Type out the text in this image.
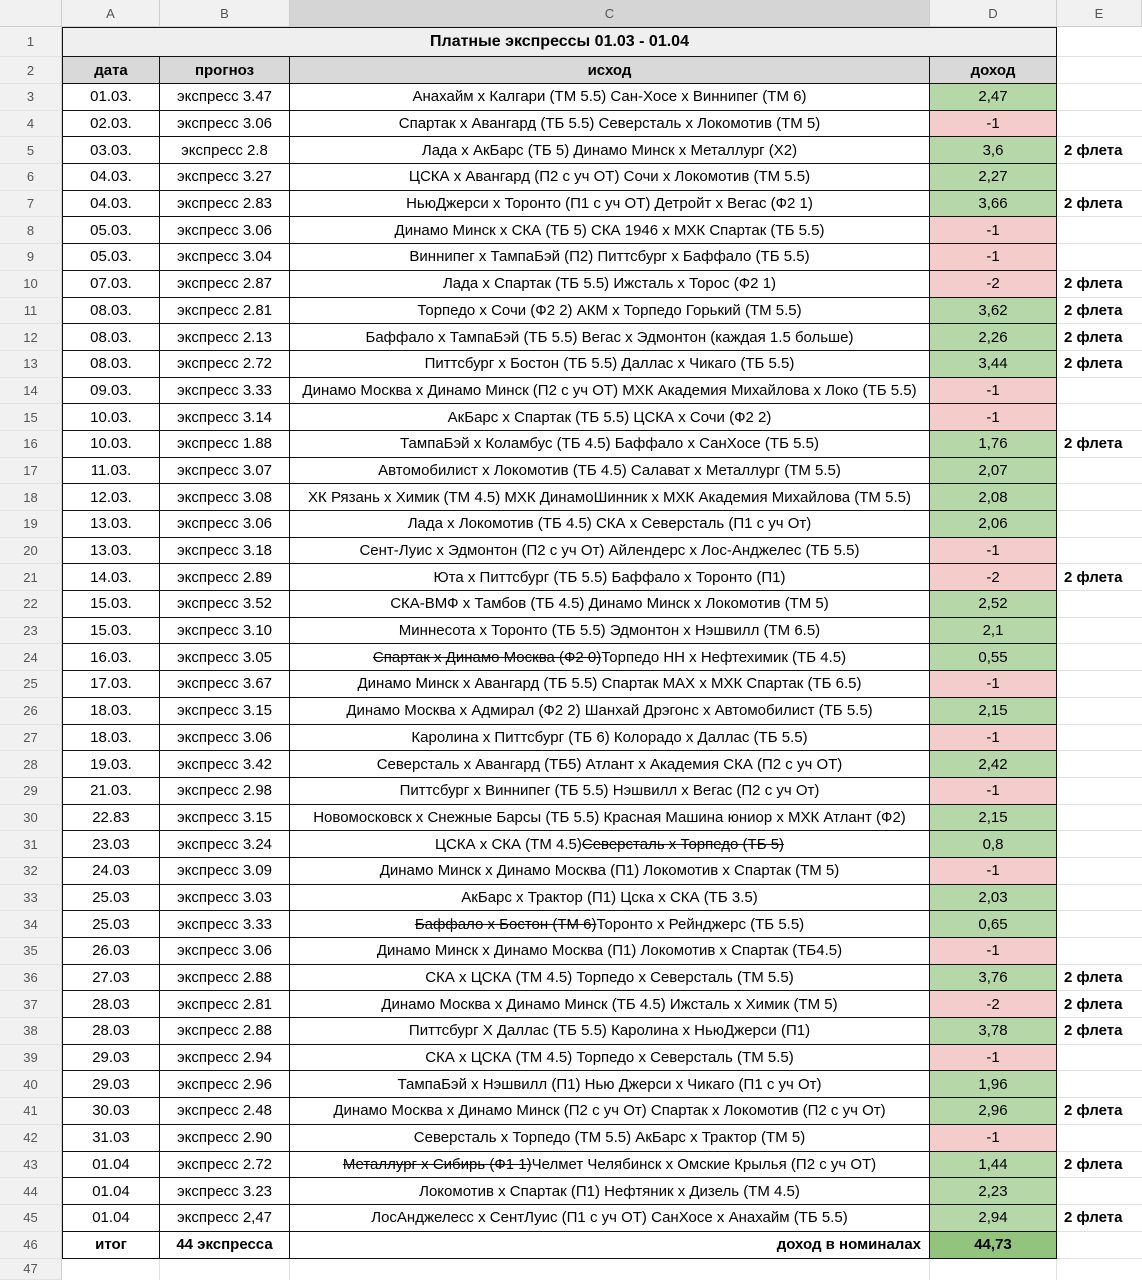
A	B	C	D	E
1	Платные экспрессы 01.03 - 01.04
2	дата	прогноз	исход	доход
3	01.03.	экспресс 3.47	Анахайм х Калгари (ТМ 5.5) Сан-Хосе х Виннипег (ТМ 6)	2,47
4	02.03.	экспресс 3.06	Спартак х Авангард (ТБ 5.5) Северсталь х Локомотив (ТМ 5)	-1
5	03.03.	экспресс 2.8	Лада х АкБарс (ТБ 5) Динамо Минск х Металлург (Х2)	3,6	2 флета
6	04.03.	экспресс 3.27	ЦСКА х Авангард (П2 с уч ОТ) Сочи х Локомотив (ТМ 5.5)	2,27
7	04.03.	экспресс 2.83	НьюДжерси х Торонто (П1 с уч ОТ) Детройт х Вегас (Ф2 1)	3,66	2 флета
8	05.03.	экспресс 3.06	Динамо Минск х СКА (ТБ 5) СКА 1946 х МХК Спартак (ТБ 5.5)	-1
9	05.03.	экспресс 3.04	Виннипег х ТампаБэй (П2) Питтсбург х Баффало (ТБ 5.5)	-1
10	07.03.	экспресс 2.87	Лада х Спартак (ТБ 5.5) Ижсталь х Торос (Ф2 1)	-2	2 флета
11	08.03.	экспресс 2.81	Торпедо х Сочи (Ф2 2) АКМ х Торпедо Горький (ТМ 5.5)	3,62	2 флета
12	08.03.	экспресс 2.13	Баффало х ТампаБэй (ТБ 5.5) Вегас х Эдмонтон (каждая 1.5 больше)	2,26	2 флета
13	08.03.	экспресс 2.72	Питтсбург х Бостон (ТБ 5.5) Даллас х Чикаго (ТБ 5.5)	3,44	2 флета
14	09.03.	экспресс 3.33	Динамо Москва х Динамо Минск (П2 с уч ОТ) МХК Академия Михайлова х Локо (ТБ 5.5)	-1
15	10.03.	экспресс 3.14	АкБарс х Спартак (ТБ 5.5) ЦСКА х Сочи (Ф2 2)	-1
16	10.03.	экспресс 1.88	ТампаБэй х Коламбус (ТБ 4.5) Баффало х СанХосе (ТБ 5.5)	1,76	2 флета
17	11.03.	экспресс 3.07	Автомобилист х Локомотив (ТБ 4.5) Салават х Металлург (ТМ 5.5)	2,07
18	12.03.	экспресс 3.08	ХК Рязань х Химик (ТМ 4.5) МХК ДинамоШинник х МХК Академия Михайлова (ТМ 5.5)	2,08
19	13.03.	экспресс 3.06	Лада х Локомотив (ТБ 4.5) СКА х Северсталь (П1 с уч От)	2,06
20	13.03.	экспресс 3.18	Сент-Луис х Эдмонтон (П2 с уч От) Айлендерс х Лос-Анджелес (ТБ 5.5)	-1
21	14.03.	экспресс 2.89	Юта х Питтсбург (ТБ 5.5) Баффало х Торонто (П1)	-2	2 флета
22	15.03.	экспресс 3.52	СКА-ВМФ х Тамбов (ТБ 4.5) Динамо Минск х Локомотив (ТМ 5)	2,52
23	15.03.	экспресс 3.10	Миннесота х Торонто (ТБ 5.5) Эдмонтон х Нэшвилл (ТМ 6.5)	2,1
24	16.03.	экспресс 3.05	Спартак х Динамо Москва (Ф2 0) Торпедо НН х Нефтехимик (ТБ 4.5)	0,55
25	17.03.	экспресс 3.67	Динамо Минск х Авангард (ТБ 5.5) Спартак МАХ х МХК Спартак (ТБ 6.5)	-1
26	18.03.	экспресс 3.15	Динамо Москва х Адмирал (Ф2 2) Шанхай Дрэгонс х Автомобилист (ТБ 5.5)	2,15
27	18.03.	экспресс 3.06	Каролина х Питтсбург (ТБ 6) Колорадо х Даллас (ТБ 5.5)	-1
28	19.03.	экспресс 3.42	Северсталь х Авангард (ТБ5) Атлант х Академия СКА (П2 с уч ОТ)	2,42
29	21.03.	экспресс 2.98	Питтсбург х Виннипег (ТБ 5.5) Нэшвилл х Вегас (П2 с уч От)	-1
30	22.83	экспресс 3.15	Новомосковск х Снежные Барсы (ТБ 5.5) Красная Машина юниор х МХК Атлант (Ф2)	2,15
31	23.03	экспресс 3.24	ЦСКА х СКА (ТМ 4.5) Северсталь х Торпедо (ТБ 5)	0,8
32	24.03	экспресс 3.09	Динамо Минск х Динамо Москва (П1) Локомотив х Спартак (ТМ 5)	-1
33	25.03	экспресс 3.03	АкБарс х Трактор (П1) Цска х СКА (ТБ 3.5)	2,03
34	25.03	экспресс 3.33	Баффало х Бостон (ТМ 6) Торонто х Рейнджерс (ТБ 5.5)	0,65
35	26.03	экспресс 3.06	Динамо Минск х Динамо Москва (П1) Локомотив х Спартак (ТБ4.5)	-1
36	27.03	экспресс 2.88	СКА х ЦСКА (ТМ 4.5) Торпедо х Северсталь (ТМ 5.5)	3,76	2 флета
37	28.03	экспресс 2.81	Динамо Москва х Динамо Минск (ТБ 4.5) Ижсталь х Химик (ТМ 5)	-2	2 флета
38	28.03	экспресс 2.88	Питтсбург Х Даллас (ТБ 5.5) Каролина х НьюДжерси (П1)	3,78	2 флета
39	29.03	экспресс 2.94	СКА х ЦСКА (ТМ 4.5) Торпедо х Северсталь (ТМ 5.5)	-1
40	29.03	экспресс 2.96	ТампаБэй х Нэшвилл (П1) Нью Джерси х Чикаго (П1 с уч От)	1,96
41	30.03	экспресс 2.48	Динамо Москва х Динамо Минск (П2 с уч От) Спартак х Локомотив (П2 с уч От)	2,96	2 флета
42	31.03	экспресс 2.90	Северсталь х Торпедо (ТМ 5.5) АкБарс х Трактор (ТМ 5)	-1
43	01.04	экспресс 2.72	Металлург х Сибирь (Ф1 1) Челмет Челябинск х Омские Крылья (П2 с уч ОТ)	1,44	2 флета
44	01.04	экспресс 3.23	Локомотив х Спартак (П1) Нефтяник х Дизель (ТМ 4.5)	2,23
45	01.04	экспресс 2,47	ЛосАнджелесс х СентЛуис (П1 с уч ОТ) СанХосе х Анахайм (ТБ 5.5)	2,94	2 флета
46	итог	44 экспресса	доход в номиналах	44,73
47
